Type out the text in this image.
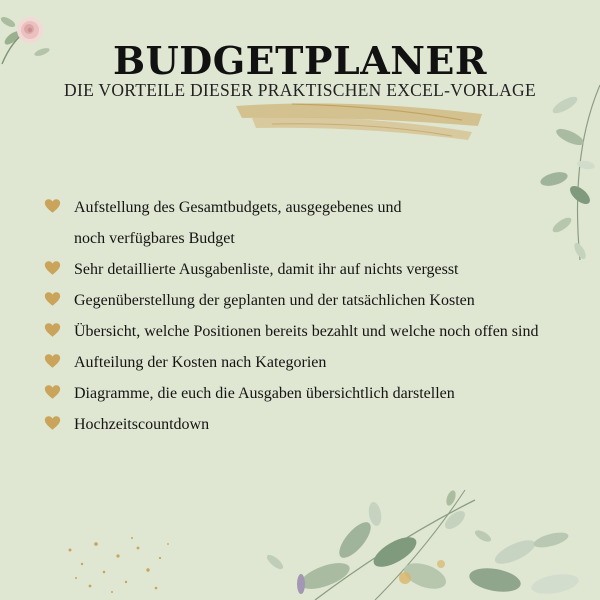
BUDGETPLANER
DIE VORTEILE DIESER PRAKTISCHEN EXCEL-VORLAGE
Aufstellung des Gesamtbudgets, ausgegebenes und
noch verfügbares Budget
Sehr detaillierte Ausgabenliste, damit ihr auf nichts vergesst
Gegenüberstellung der geplanten und der tatsächlichen Kosten
Übersicht, welche Positionen bereits bezahlt und welche noch offen sind
Aufteilung der Kosten nach Kategorien
Diagramme, die euch die Ausgaben übersichtlich darstellen
Hochzeitscountdown
